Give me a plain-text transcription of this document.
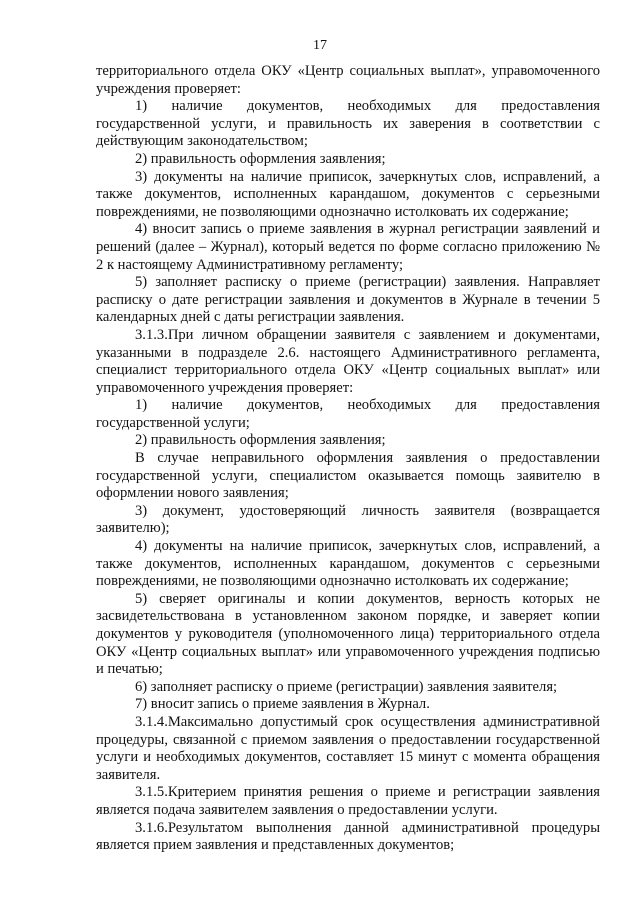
17

территориального отдела ОКУ «Центр социальных выплат», управомоченного учреждения проверяет:

1) наличие документов, необходимых для предоставления государственной услуги, и правильность их заверения в соответствии с действующим законодательством;

2) правильность оформления заявления;

3) документы на наличие приписок, зачеркнутых слов, исправлений, а также документов, исполненных карандашом, документов с серьезными повреждениями, не позволяющими однозначно истолковать их содержание;

4) вносит запись о приеме заявления в журнал регистрации заявлений и решений (далее – Журнал), который ведется по форме согласно приложению № 2 к настоящему Административному регламенту;

5) заполняет расписку о приеме (регистрации) заявления. Направляет расписку о дате регистрации заявления и документов в Журнале в течении 5 календарных дней с даты регистрации заявления.

3.1.3.При личном обращении заявителя с заявлением и документами, указанными в подразделе 2.6. настоящего Административного регламента, специалист территориального отдела ОКУ «Центр социальных выплат» или управомоченного учреждения проверяет:

1) наличие документов, необходимых для предоставления государственной услуги;

2) правильность оформления заявления;

В случае неправильного оформления заявления о предоставлении государственной услуги, специалистом оказывается помощь заявителю в оформлении нового заявления;

3) документ, удостоверяющий личность заявителя (возвращается заявителю);

4) документы на наличие приписок, зачеркнутых слов, исправлений, а также документов, исполненных карандашом, документов с серьезными повреждениями, не позволяющими однозначно истолковать их содержание;

5) сверяет оригиналы и копии документов, верность которых не засвидетельствована в установленном законом порядке, и заверяет копии документов у руководителя (уполномоченного лица) территориального отдела ОКУ «Центр социальных выплат» или управомоченного учреждения подписью и печатью;

6) заполняет расписку о приеме (регистрации) заявления заявителя;

7) вносит запись о приеме заявления в Журнал.

3.1.4.Максимально допустимый срок осуществления административной процедуры, связанной с приемом заявления о предоставлении государственной услуги и необходимых документов, составляет 15 минут с момента обращения заявителя.

3.1.5.Критерием принятия решения о приеме и регистрации заявления является подача заявителем заявления о предоставлении услуги.

3.1.6.Результатом выполнения данной административной процедуры является прием заявления и представленных документов;
